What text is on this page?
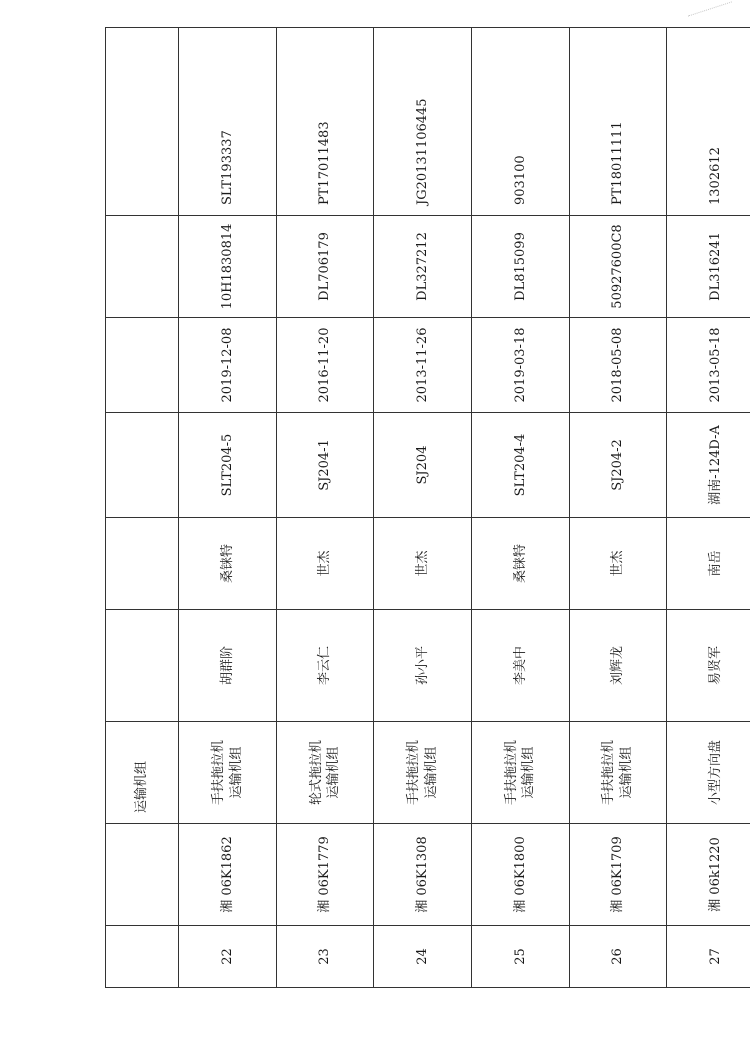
		运输机组						
22	湘 06K1862	手扶拖拉机 运输机组	胡群阶	桑铼特	SLT204-5	2019-12-08	10H1830814	SLT193337
23	湘 06K1779	轮式拖拉机 运输机组	李云仁	世杰	SJ204-1	2016-11-20	DL706179	PT17011483
24	湘 06K1308	手扶拖拉机 运输机组	孙小平	世杰	SJ204	2013-11-26	DL327212	JG20131106445
25	湘 06K1800	手扶拖拉机 运输机组	李美中	桑铼特	SLT204-4	2019-03-18	DL815099	903100
26	湘 06K1709	手扶拖拉机 运输机组	刘辉龙	世杰	SJ204-2	2018-05-08	50927600C8	PT18011111
27	湘 06k1220	小型方向盘	易贤军	南岳	湖南-124D-A	2013-05-18	DL316241	1302612
